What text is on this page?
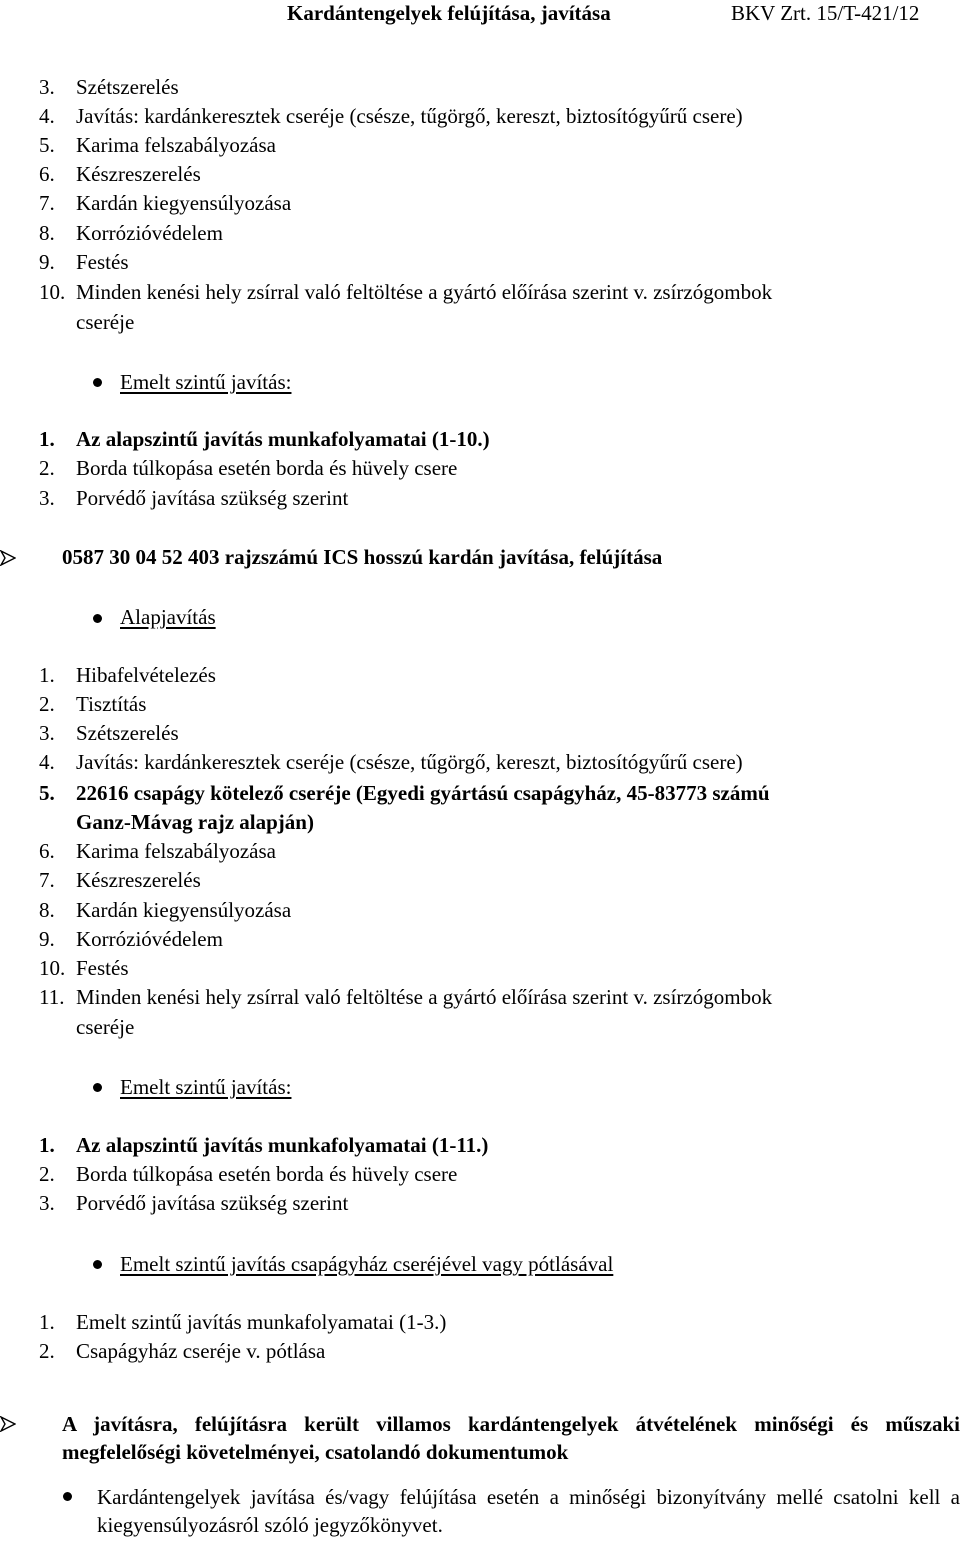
Kardántengelyek felújítása, javítása	BKV Zrt. 15/T-421/12
3. Szétszerelés
4. Javítás: kardánkeresztek cseréje (csésze, tűgörgő, kereszt, biztosítógyűrű csere)
5. Karima felszabályozása
6. Készreszerelés
7. Kardán kiegyensúlyozása
8. Korrózióvédelem
9. Festés
10. Minden kenési hely zsírral való feltöltése a gyártó előírása szerint v. zsírzógombok
cseréje
Emelt szintű javítás:
1. Az alapszintű javítás munkafolyamatai (1-10.)
2. Borda túlkopása esetén borda és hüvely csere
3. Porvédő javítása szükség szerint
0587 30 04 52 403 rajzszámú ICS hosszú kardán javítása, felújítása
Alapjavítás
1. Hibafelvételezés
2. Tisztítás
3. Szétszerelés
4. Javítás: kardánkeresztek cseréje (csésze, tűgörgő, kereszt, biztosítógyűrű csere)
5. 22616 csapágy kötelező cseréje (Egyedi gyártású csapágyház, 45-83773 számú
Ganz-Mávag rajz alapján)
6. Karima felszabályozása
7. Készreszerelés
8. Kardán kiegyensúlyozása
9. Korrózióvédelem
10. Festés
11. Minden kenési hely zsírral való feltöltése a gyártó előírása szerint v. zsírzógombok
cseréje
Emelt szintű javítás:
1. Az alapszintű javítás munkafolyamatai (1-11.)
2. Borda túlkopása esetén borda és hüvely csere
3. Porvédő javítása szükség szerint
Emelt szintű javítás csapágyház cseréjével vagy pótlásával
1. Emelt szintű javítás munkafolyamatai (1-3.)
2. Csapágyház cseréje v. pótlása
A javításra, felújításra került villamos kardántengelyek átvételének minőségi és műszaki megfelelőségi követelményei, csatolandó dokumentumok
Kardántengelyek javítása és/vagy felújítása esetén a minőségi bizonyítvány mellé csatolni kell a kiegyensúlyozásról szóló jegyzőkönyvet.
